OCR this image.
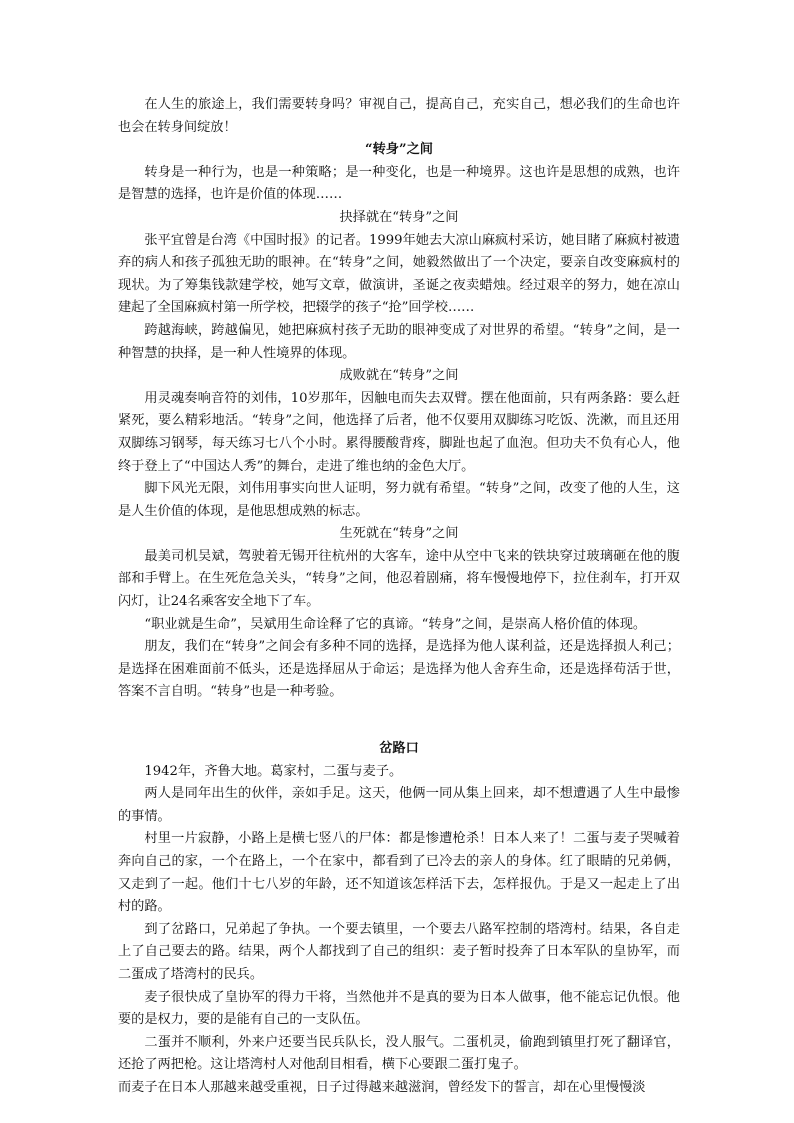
在人生的旅途上，我们需要转身吗？审视自己，提高自己，充实自己，想必我们的生命也许也会在转身间绽放！

“转身”之间

转身是一种行为，也是一种策略；是一种变化，也是一种境界。这也许是思想的成熟，也许是智慧的选择，也许是价值的体现……

抉择就在“转身”之间

张平宜曾是台湾《中国时报》的记者。1999年她去大凉山麻疯村采访，她目睹了麻疯村被遗弃的病人和孩子孤独无助的眼神。在“转身”之间，她毅然做出了一个决定，要亲自改变麻疯村的现状。为了筹集钱款建学校，她写文章，做演讲，圣诞之夜卖蜡烛。经过艰辛的努力，她在凉山建起了全国麻疯村第一所学校，把辍学的孩子“抢”回学校……

跨越海峡，跨越偏见，她把麻疯村孩子无助的眼神变成了对世界的希望。“转身”之间，是一种智慧的抉择，是一种人性境界的体现。

成败就在“转身”之间

用灵魂奏响音符的刘伟，10岁那年，因触电而失去双臂。摆在他面前，只有两条路：要么赶紧死，要么精彩地活。“转身”之间，他选择了后者，他不仅要用双脚练习吃饭、洗漱，而且还用双脚练习钢琴，每天练习七八个小时。累得腰酸背疼，脚趾也起了血泡。但功夫不负有心人，他终于登上了“中国达人秀”的舞台，走进了维也纳的金色大厅。

脚下风光无限，刘伟用事实向世人证明，努力就有希望。“转身”之间，改变了他的人生，这是人生价值的体现，是他思想成熟的标志。

生死就在“转身”之间

最美司机吴斌，驾驶着无锡开往杭州的大客车，途中从空中飞来的铁块穿过玻璃砸在他的腹部和手臂上。在生死危急关头，“转身”之间，他忍着剧痛，将车慢慢地停下，拉住刹车，打开双闪灯，让24名乘客安全地下了车。

“职业就是生命”，吴斌用生命诠释了它的真谛。“转身”之间，是崇高人格价值的体现。

朋友，我们在“转身”之间会有多种不同的选择，是选择为他人谋利益，还是选择损人利己；是选择在困难面前不低头，还是选择屈从于命运；是选择为他人舍弃生命，还是选择苟活于世，答案不言自明。“转身”也是一种考验。

岔路口

1942年，齐鲁大地。葛家村，二蛋与麦子。

两人是同年出生的伙伴，亲如手足。这天，他俩一同从集上回来，却不想遭遇了人生中最惨的事情。

村里一片寂静，小路上是横七竖八的尸体：都是惨遭枪杀！日本人来了！二蛋与麦子哭喊着奔向自己的家，一个在路上，一个在家中，都看到了已冷去的亲人的身体。红了眼睛的兄弟俩，又走到了一起。他们十七八岁的年龄，还不知道该怎样活下去，怎样报仇。于是又一起走上了出村的路。

到了岔路口，兄弟起了争执。一个要去镇里，一个要去八路军控制的塔湾村。结果，各自走上了自己要去的路。结果，两个人都找到了自己的组织：麦子暂时投奔了日本军队的皇协军，而二蛋成了塔湾村的民兵。

麦子很快成了皇协军的得力干将，当然他并不是真的要为日本人做事，他不能忘记仇恨。他要的是权力，要的是能有自己的一支队伍。

二蛋并不顺利，外来户还要当民兵队长，没人服气。二蛋机灵，偷跑到镇里打死了翻译官，还抢了两把枪。这让塔湾村人对他刮目相看，横下心要跟二蛋打鬼子。

而麦子在日本人那越来越受重视，日子过得越来越滋润，曾经发下的誓言，却在心里慢慢淡
